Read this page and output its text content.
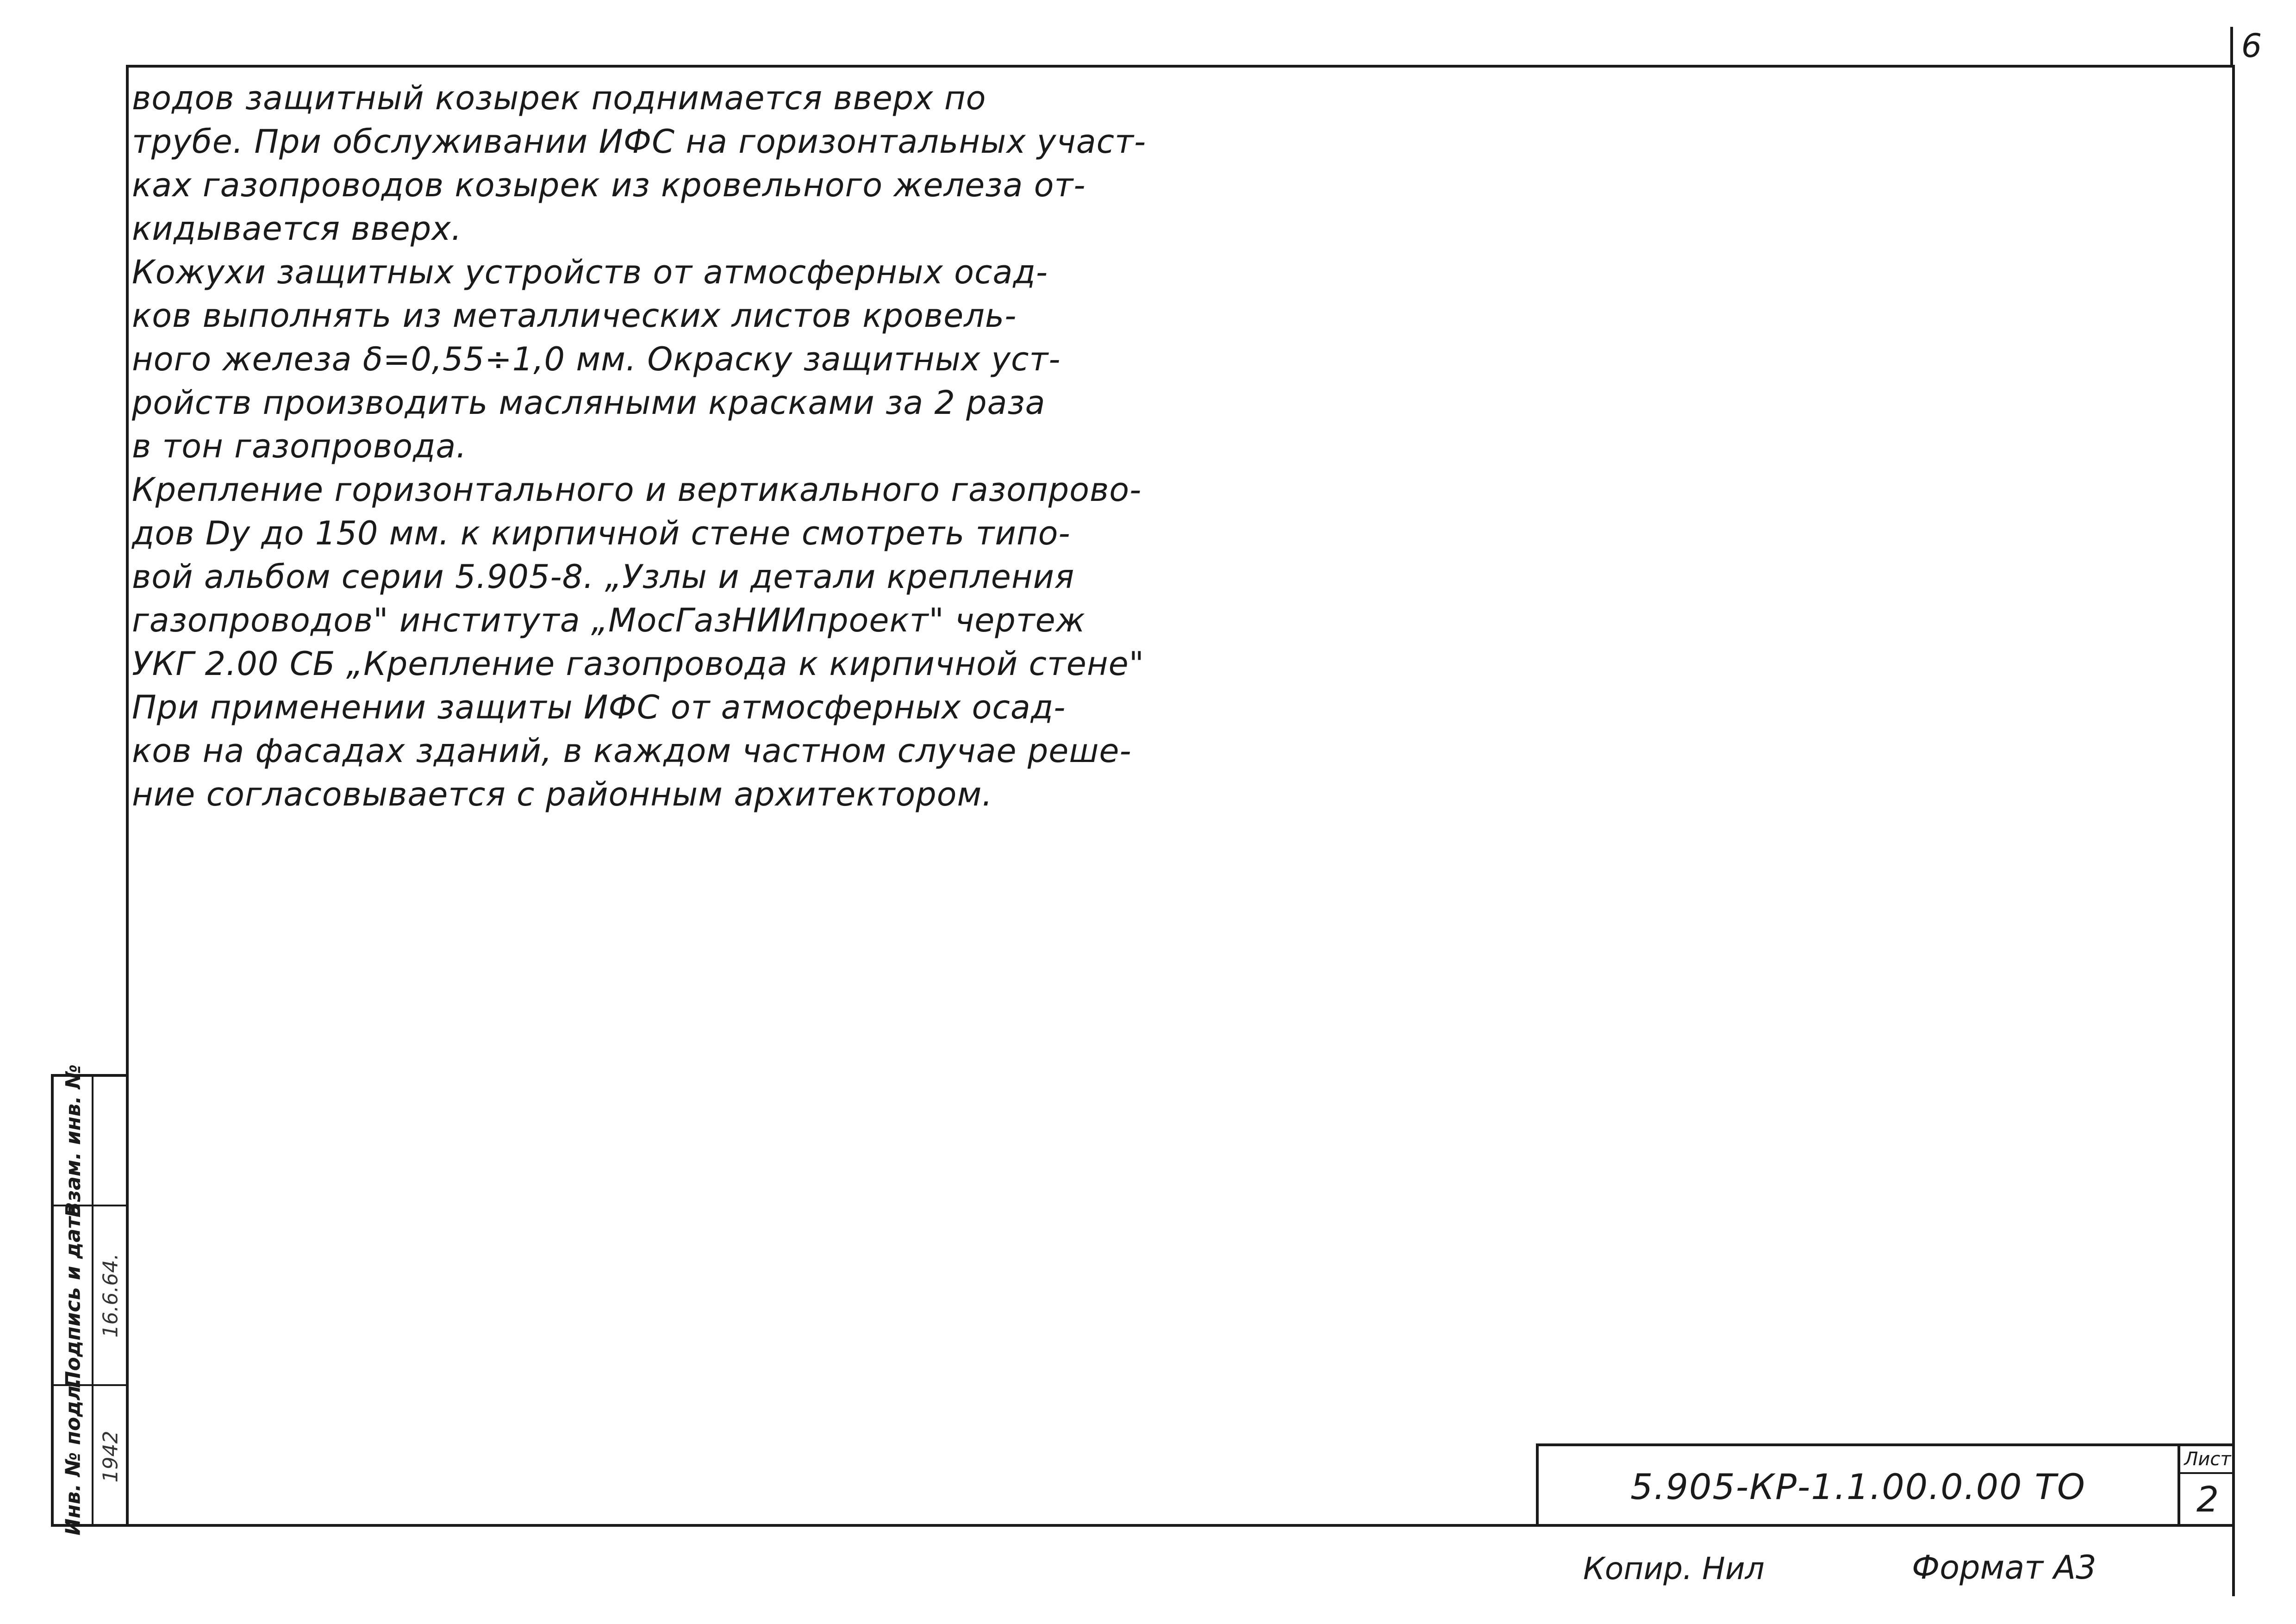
6
водов защитный козырек поднимается вверх по
трубе. При обслуживании ИФС на горизонтальных участ-
ках газопроводов козырек из кровельного железа от-
кидывается вверх.
Кожухи защитных устройств от атмосферных осад-
ков выполнять из металлических листов кровель-
ного железа δ=0,55÷1,0 мм. Окраску защитных уст-
ройств производить масляными красками за 2 раза
в тон газопровода.
Крепление горизонтального и вертикального газопрово-
дов Dу до 150 мм. к кирпичной стене смотреть типо-
вой альбом серии 5.905-8. „Узлы и детали крепления
газопроводов" института „МосГазНИИпроект" чертеж
УКГ 2.00 СБ „Крепление газопровода к кирпичной стене"
При применении защиты ИФС от атмосферных осад-
ков на фасадах зданий, в каждом частном случае реше-
ние согласовывается с районным архитектором.
Взам. инв. №
Подпись и дата
Инв. № подл.
16.6.64.
1942
5.905-КР-1.1.00.0.00 ТО
Лист
2
Копир. Нил	Формат А3
